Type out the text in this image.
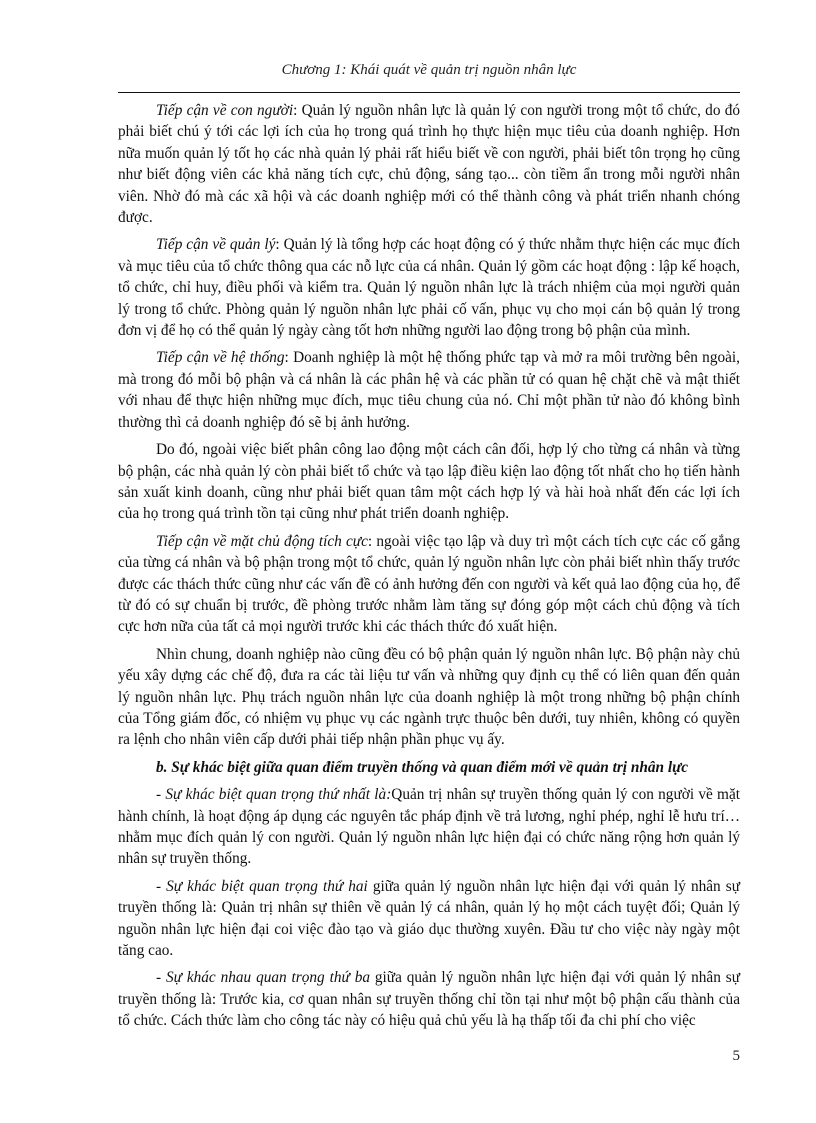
Chương 1: Khái quát về quản trị nguồn nhân lực

Tiếp cận về con người: Quản lý nguồn nhân lực là quản lý con người trong một tổ chức, do đó phải biết chú ý tới các lợi ích của họ trong quá trình họ thực hiện mục tiêu của doanh nghiệp. Hơn nữa muốn quản lý tốt họ các nhà quản lý phải rất hiểu biết về con người, phải biết tôn trọng họ cũng như biết động viên các khả năng tích cực, chủ động, sáng tạo... còn tiềm ẩn trong mỗi người nhân viên. Nhờ đó mà các xã hội và các doanh nghiệp mới có thể thành công và phát triển nhanh chóng được.

Tiếp cận về quản lý: Quản lý là tổng hợp các hoạt động có ý thức nhằm thực hiện các mục đích và mục tiêu của tổ chức thông qua các nỗ lực của cá nhân. Quản lý gồm các hoạt động : lập kế hoạch, tổ chức, chỉ huy, điều phối và kiểm tra. Quản lý nguồn nhân lực là trách nhiệm của mọi người quản lý trong tổ chức. Phòng quản lý nguồn nhân lực phải cố vấn, phục vụ cho mọi cán bộ quản lý trong đơn vị để họ có thể quản lý ngày càng tốt hơn những người lao động trong bộ phận của mình.

Tiếp cận về hệ thống: Doanh nghiệp là một hệ thống phức tạp và mở ra môi trường bên ngoài, mà trong đó mỗi bộ phận và cá nhân là các phân hệ và các phần tử có quan hệ chặt chẽ và mật thiết với nhau để thực hiện những mục đích, mục tiêu chung của nó. Chỉ một phần tử nào đó không bình thường thì cả doanh nghiệp đó sẽ bị ảnh hưởng.

Do đó, ngoài việc biết phân công lao động một cách cân đối, hợp lý cho từng cá nhân và từng bộ phận, các nhà quản lý còn phải biết tổ chức và tạo lập điều kiện lao động tốt nhất cho họ tiến hành sản xuất kinh doanh, cũng như phải biết quan tâm một cách hợp lý và hài hoà nhất đến các lợi ích của họ trong quá trình tồn tại cũng như phát triển doanh nghiệp.

Tiếp cận về mặt chủ động tích cực: ngoài việc tạo lập và duy trì một cách tích cực các cố gắng của từng cá nhân và bộ phận trong một tổ chức, quản lý nguồn nhân lực còn phải biết nhìn thấy trước được các thách thức cũng như các vấn đề có ảnh hưởng đến con người và kết quả lao động của họ, để từ đó có sự chuẩn bị trước, đề phòng trước nhằm làm tăng sự đóng góp một cách chủ động và tích cực hơn nữa của tất cả mọi người trước khi các thách thức đó xuất hiện.

Nhìn chung, doanh nghiệp nào cũng đều có bộ phận quản lý nguồn nhân lực. Bộ phận này chủ yếu xây dựng các chế độ, đưa ra các tài liệu tư vấn và những quy định cụ thể có liên quan đến quản lý nguồn nhân lực. Phụ trách nguồn nhân lực của doanh nghiệp là một trong những bộ phận chính của Tổng giám đốc, có nhiệm vụ phục vụ các ngành trực thuộc bên dưới, tuy nhiên, không có quyền ra lệnh cho nhân viên cấp dưới phải tiếp nhận phần phục vụ ấy.

b. Sự khác biệt giữa quan điểm truyền thống và quan điểm mới về quản trị nhân lực

- Sự khác biệt quan trọng thứ nhất là:Quản trị nhân sự truyền thống quản lý con người về mặt hành chính, là hoạt động áp dụng các nguyên tắc pháp định về trả lương, nghỉ phép, nghỉ lễ hưu trí… nhằm mục đích quản lý con người. Quản lý nguồn nhân lực hiện đại có chức năng rộng hơn quản lý nhân sự truyền thống.

- Sự khác biệt quan trọng thứ hai giữa quản lý nguồn nhân lực hiện đại với quản lý nhân sự truyền thống là: Quản trị nhân sự thiên về quản lý cá nhân, quản lý họ một cách tuyệt đối; Quản lý nguồn nhân lực hiện đại coi việc đào tạo và giáo dục thường xuyên. Đầu tư cho việc này ngày một tăng cao.

- Sự khác nhau quan trọng thứ ba giữa quản lý nguồn nhân lực hiện đại với quản lý nhân sự truyền thống là: Trước kia, cơ quan nhân sự truyền thống chỉ tồn tại như một bộ phận cấu thành của tổ chức. Cách thức làm cho công tác này có hiệu quả chủ yếu là hạ thấp tối đa chi phí cho việc

5
